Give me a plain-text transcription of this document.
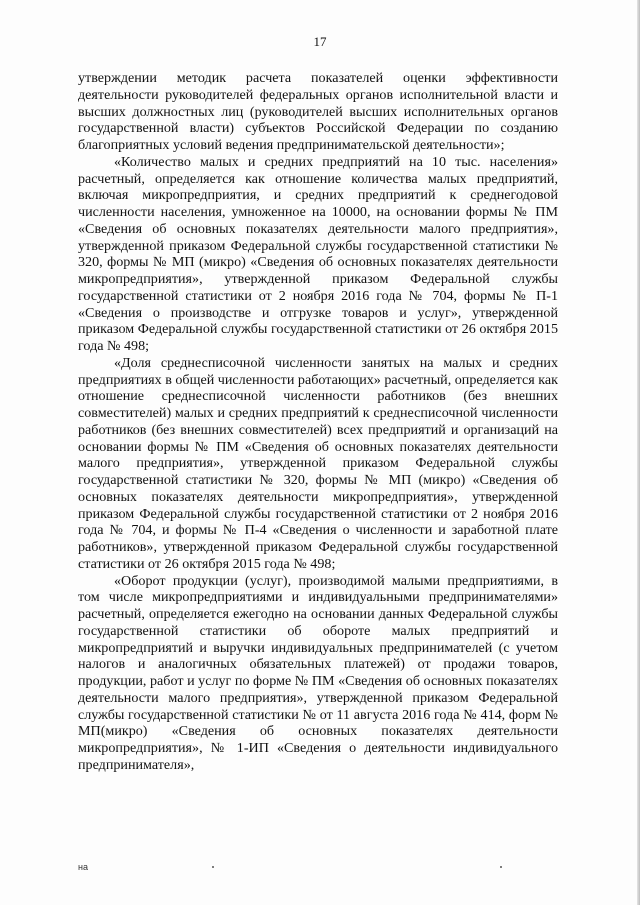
17

утверждении методик расчета показателей оценки эффективности деятельности руководителей федеральных органов исполнительной власти и высших должностных лиц (руководителей высших исполнительных органов государственной власти) субъектов Российской Федерации по созданию благоприятных условий ведения предпринимательской деятельности»;

«Количество малых и средних предприятий на 10 тыс. населения» расчетный, определяется как отношение количества малых предприятий, включая микропредприятия, и средних предприятий к среднегодовой численности населения, умноженное на 10000, на основании формы № ПМ «Сведения об основных показателях деятельности малого предприятия», утвержденной приказом Федеральной службы государственной статистики № 320, формы № МП (микро) «Сведения об основных показателях деятельности микропредприятия», утвержденной приказом Федеральной службы государственной статистики от 2 ноября 2016 года № 704, формы № П-1 «Сведения о производстве и отгрузке товаров и услуг», утвержденной приказом Федеральной службы государственной статистики от 26 октября 2015 года № 498;

«Доля среднесписочной численности занятых на малых и средних предприятиях в общей численности работающих» расчетный, определяется как отношение среднесписочной численности работников (без внешних совместителей) малых и средних предприятий к среднесписочной численности работников (без внешних совместителей) всех предприятий и организаций на основании формы № ПМ «Сведения об основных показателях деятельности малого предприятия», утвержденной приказом Федеральной службы государственной статистики № 320, формы № МП (микро) «Сведения об основных показателях деятельности микропредприятия», утвержденной приказом Федеральной службы государственной статистики от 2 ноября 2016 года № 704, и формы № П-4 «Сведения о численности и заработной плате работников», утвержденной приказом Федеральной службы государственной статистики от 26 октября 2015 года № 498;

«Оборот продукции (услуг), производимой малыми предприятиями, в том числе микропредприятиями и индивидуальными предпринимателями» расчетный, определяется ежегодно на основании данных Федеральной службы государственной статистики об обороте малых предприятий и микропредприятий и выручки индивидуальных предпринимателей (с учетом налогов и аналогичных обязательных платежей) от продажи товаров, продукции, работ и услуг по форме № ПМ «Сведения об основных показателях деятельности малого предприятия», утвержденной приказом Федеральной службы государственной статистики № от 11 августа 2016 года № 414, форм № МП(микро) «Сведения об основных показателях деятельности микропредприятия», № 1-ИП «Сведения о деятельности индивидуального предпринимателя»,

на
